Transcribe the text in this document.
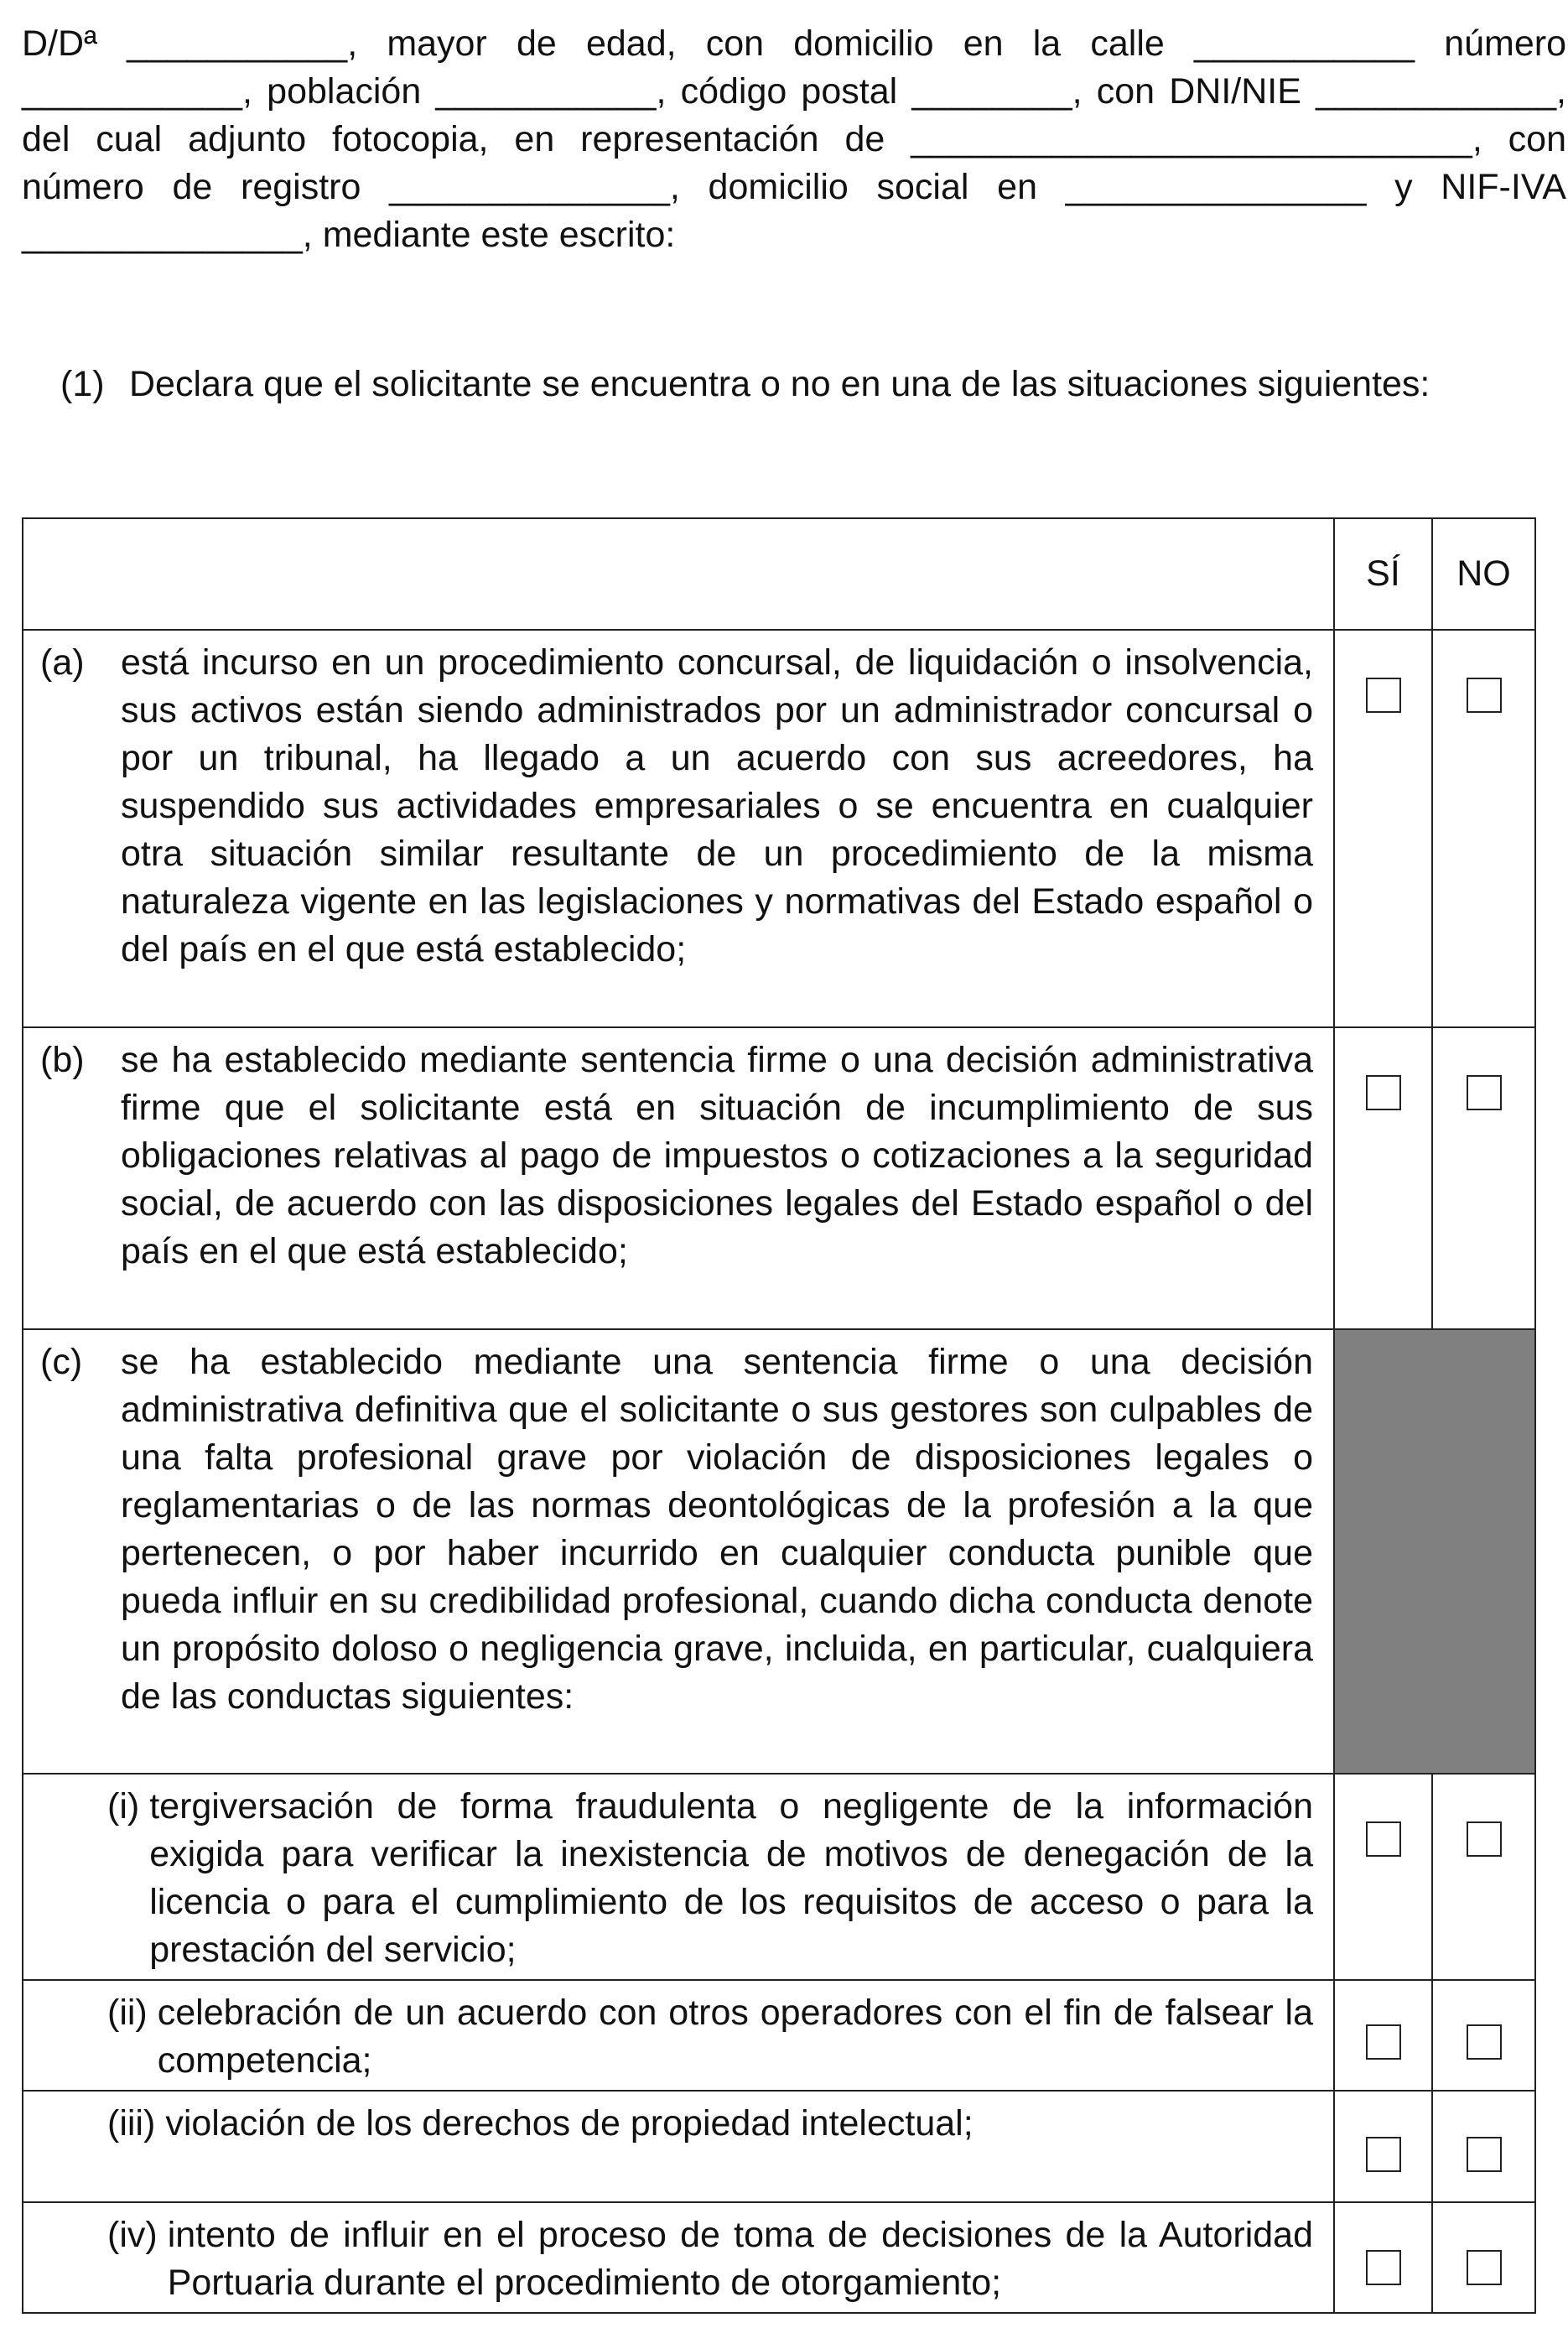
D/Dª ___________, mayor de edad, con domicilio en la calle ___________ número ___________, población ___________, código postal ________, con DNI/NIE ____________, del cual adjunto fotocopia, en representación de ____________________________, con número de registro ______________, domicilio social en _______________ y NIF-IVA ______________, mediante este escrito:

(1) Declara que el solicitante se encuentra o no en una de las situaciones siguientes:
	SÍ	NO

(a) está incurso en un procedimiento concursal, de liquidación o insolvencia, sus activos están siendo administrados por un administrador concursal o por un tribunal, ha llegado a un acuerdo con sus acreedores, ha suspendido sus actividades empresariales o se encuentra en cualquier otra situación similar resultante de un procedimiento de la misma naturaleza vigente en las legislaciones y normativas del Estado español o del país en el que está establecido;		

(b) se ha establecido mediante sentencia firme o una decisión administrativa firme que el solicitante está en situación de incumplimiento de sus obligaciones relativas al pago de impuestos o cotizaciones a la seguridad social, de acuerdo con las disposiciones legales del Estado español o del país en el que está establecido;		

(c) se ha establecido mediante una sentencia firme o una decisión administrativa definitiva que el solicitante o sus gestores son culpables de una falta profesional grave por violación de disposiciones legales o reglamentarias o de las normas deontológicas de la profesión a la que pertenecen, o por haber incurrido en cualquier conducta punible que pueda influir en su credibilidad profesional, cuando dicha conducta denote un propósito doloso o negligencia grave, incluida, en particular, cualquiera de las conductas siguientes:		

(i) tergiversación de forma fraudulenta o negligente de la información exigida para verificar la inexistencia de motivos de denegación de la licencia o para el cumplimiento de los requisitos de acceso o para la prestación del servicio;		

(ii) celebración de un acuerdo con otros operadores con el fin de falsear la competencia;		

(iii) violación de los derechos de propiedad intelectual;		

(iv) intento de influir en el proceso de toma de decisiones de la Autoridad Portuaria durante el procedimiento de otorgamiento;		
